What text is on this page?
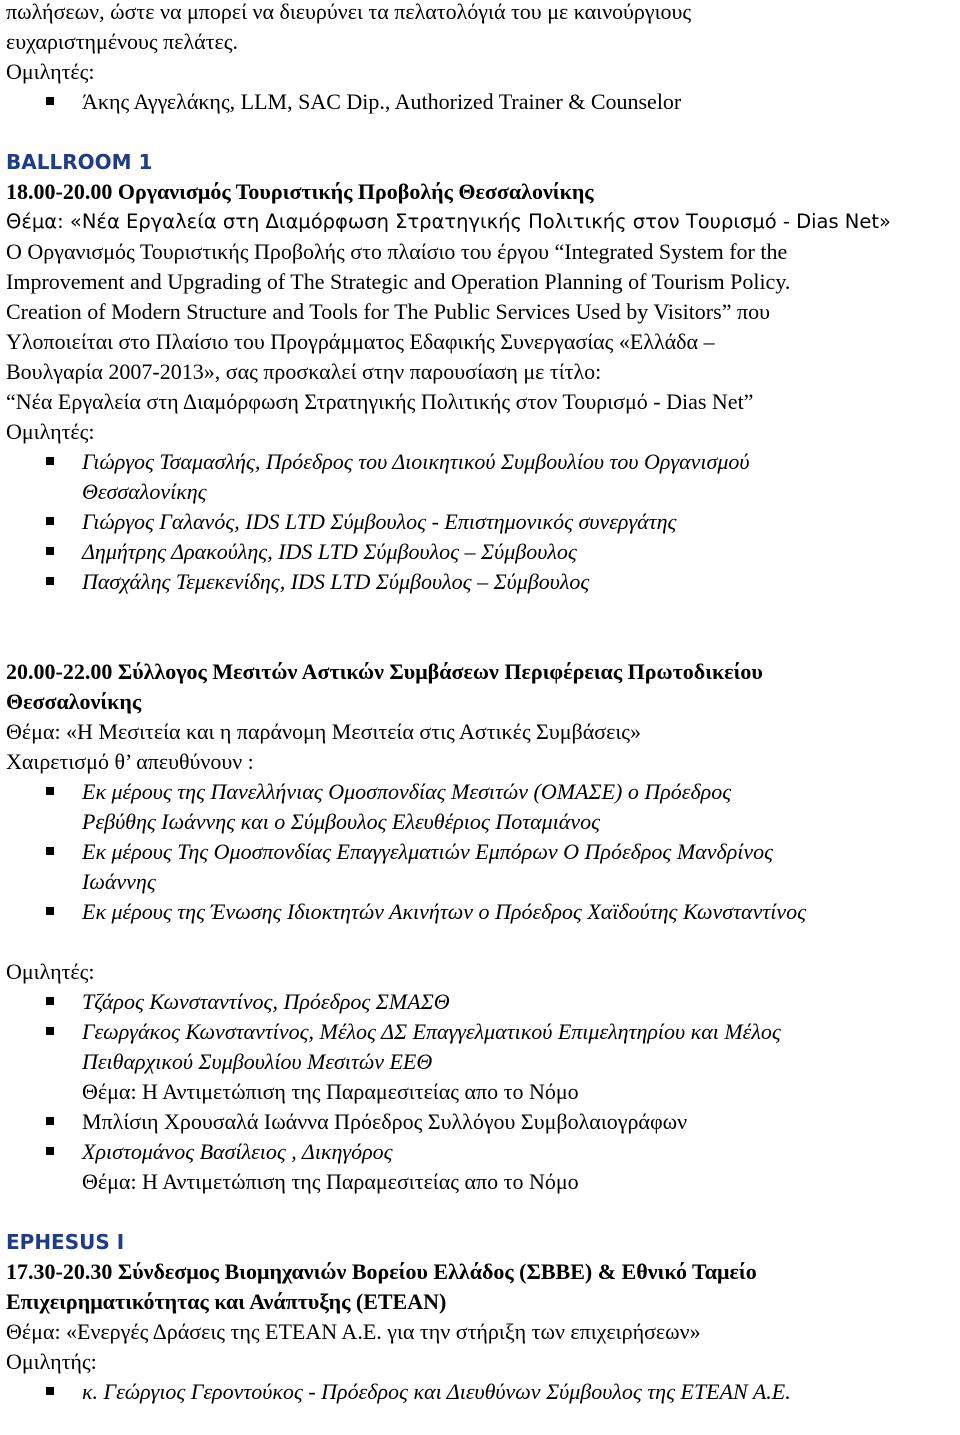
πωλήσεων, ώστε να μπορεί να διευρύνει τα πελατολόγιά του με καινούργιους
ευχαριστημένους πελάτες.
Ομιλητές:
Άκης Αγγελάκης, LLM, SAC Dip., Authorized Trainer & Counselor
BALLROOM 1
18.00-20.00 Οργανισμός Τουριστικής Προβολής Θεσσαλονίκης
Θέμα: «Νέα Εργαλεία στη Διαμόρφωση Στρατηγικής Πολιτικής στον Τουρισμό - Dias Net»
Ο Οργανισμός Τουριστικής Προβολής στο πλαίσιο του έργου “Integrated System for the
Improvement and Upgrading of The Strategic and Operation Planning of Tourism Policy.
Creation of Modern Structure and Tools for The Public Services Used by Visitors” που
Υλοποιείται στο Πλαίσιο του Προγράμματος Εδαφικής Συνεργασίας «Ελλάδα –
Βουλγαρία 2007-2013», σας προσκαλεί στην παρουσίαση με τίτλο:
“Νέα Εργαλεία στη Διαμόρφωση Στρατηγικής Πολιτικής στον Τουρισμό - Dias Net”
Ομιλητές:
Γιώργος Τσαμασλής, Πρόεδρος του Διοικητικού Συμβουλίου του Οργανισμού
Θεσσαλονίκης
Γιώργος Γαλανός, IDS LTD Σύμβουλος - Επιστημονικός συνεργάτης
Δημήτρης Δρακούλης, IDS LTD Σύμβουλος – Σύμβουλος
Πασχάλης Τεμεκενίδης, IDS LTD Σύμβουλος – Σύμβουλος
20.00-22.00 Σύλλογος Μεσιτών Αστικών Συμβάσεων Περιφέρειας Πρωτοδικείου
Θεσσαλονίκης
Θέμα: «Η Μεσιτεία και η παράνομη Μεσιτεία στις Αστικές Συμβάσεις»
Χαιρετισμό θ’ απευθύνουν :
Εκ μέρους της Πανελλήνιας Ομοσπονδίας Μεσιτών (ΟΜΑΣΕ) ο Πρόεδρος
Ρεβύθης Ιωάννης και ο Σύμβουλος Ελευθέριος Ποταμιάνος
Εκ μέρους Της Ομοσπονδίας Επαγγελματιών Εμπόρων Ο Πρόεδρος Μανδρίνος
Ιωάννης
Εκ μέρους της Ένωσης Ιδιοκτητών Ακινήτων ο Πρόεδρος Χαϊδούτης Κωνσταντίνος
Ομιλητές:
Τζάρος Κωνσταντίνος, Πρόεδρος ΣΜΑΣΘ
Γεωργάκος Κωνσταντίνος, Μέλος ΔΣ Επαγγελματικού Επιμελητηρίου και Μέλος
Πειθαρχικού Συμβουλίου Μεσιτών ΕΕΘ
Θέμα: Η Αντιμετώπιση της Παραμεσιτείας απο το Νόμο
Μπλίσιη Χρουσαλά Ιωάννα Πρόεδρος Συλλόγου Συμβολαιογράφων
Χριστομάνος Βασίλειος , Δικηγόρος
Θέμα: Η Αντιμετώπιση της Παραμεσιτείας απο το Νόμο
EPHESUS I
17.30-20.30 Σύνδεσμος Βιομηχανιών Βορείου Ελλάδος (ΣΒΒΕ) & Εθνικό Ταμείο
Επιχειρηματικότητας και Ανάπτυξης (ΕΤΕΑΝ)
Θέμα: «Ενεργές Δράσεις της ΕΤΕΑΝ Α.Ε. για την στήριξη των επιχειρήσεων»
Ομιλητής:
κ. Γεώργιος Γεροντούκος - Πρόεδρος και Διευθύνων Σύμβουλος της ΕΤΕΑΝ Α.Ε.
